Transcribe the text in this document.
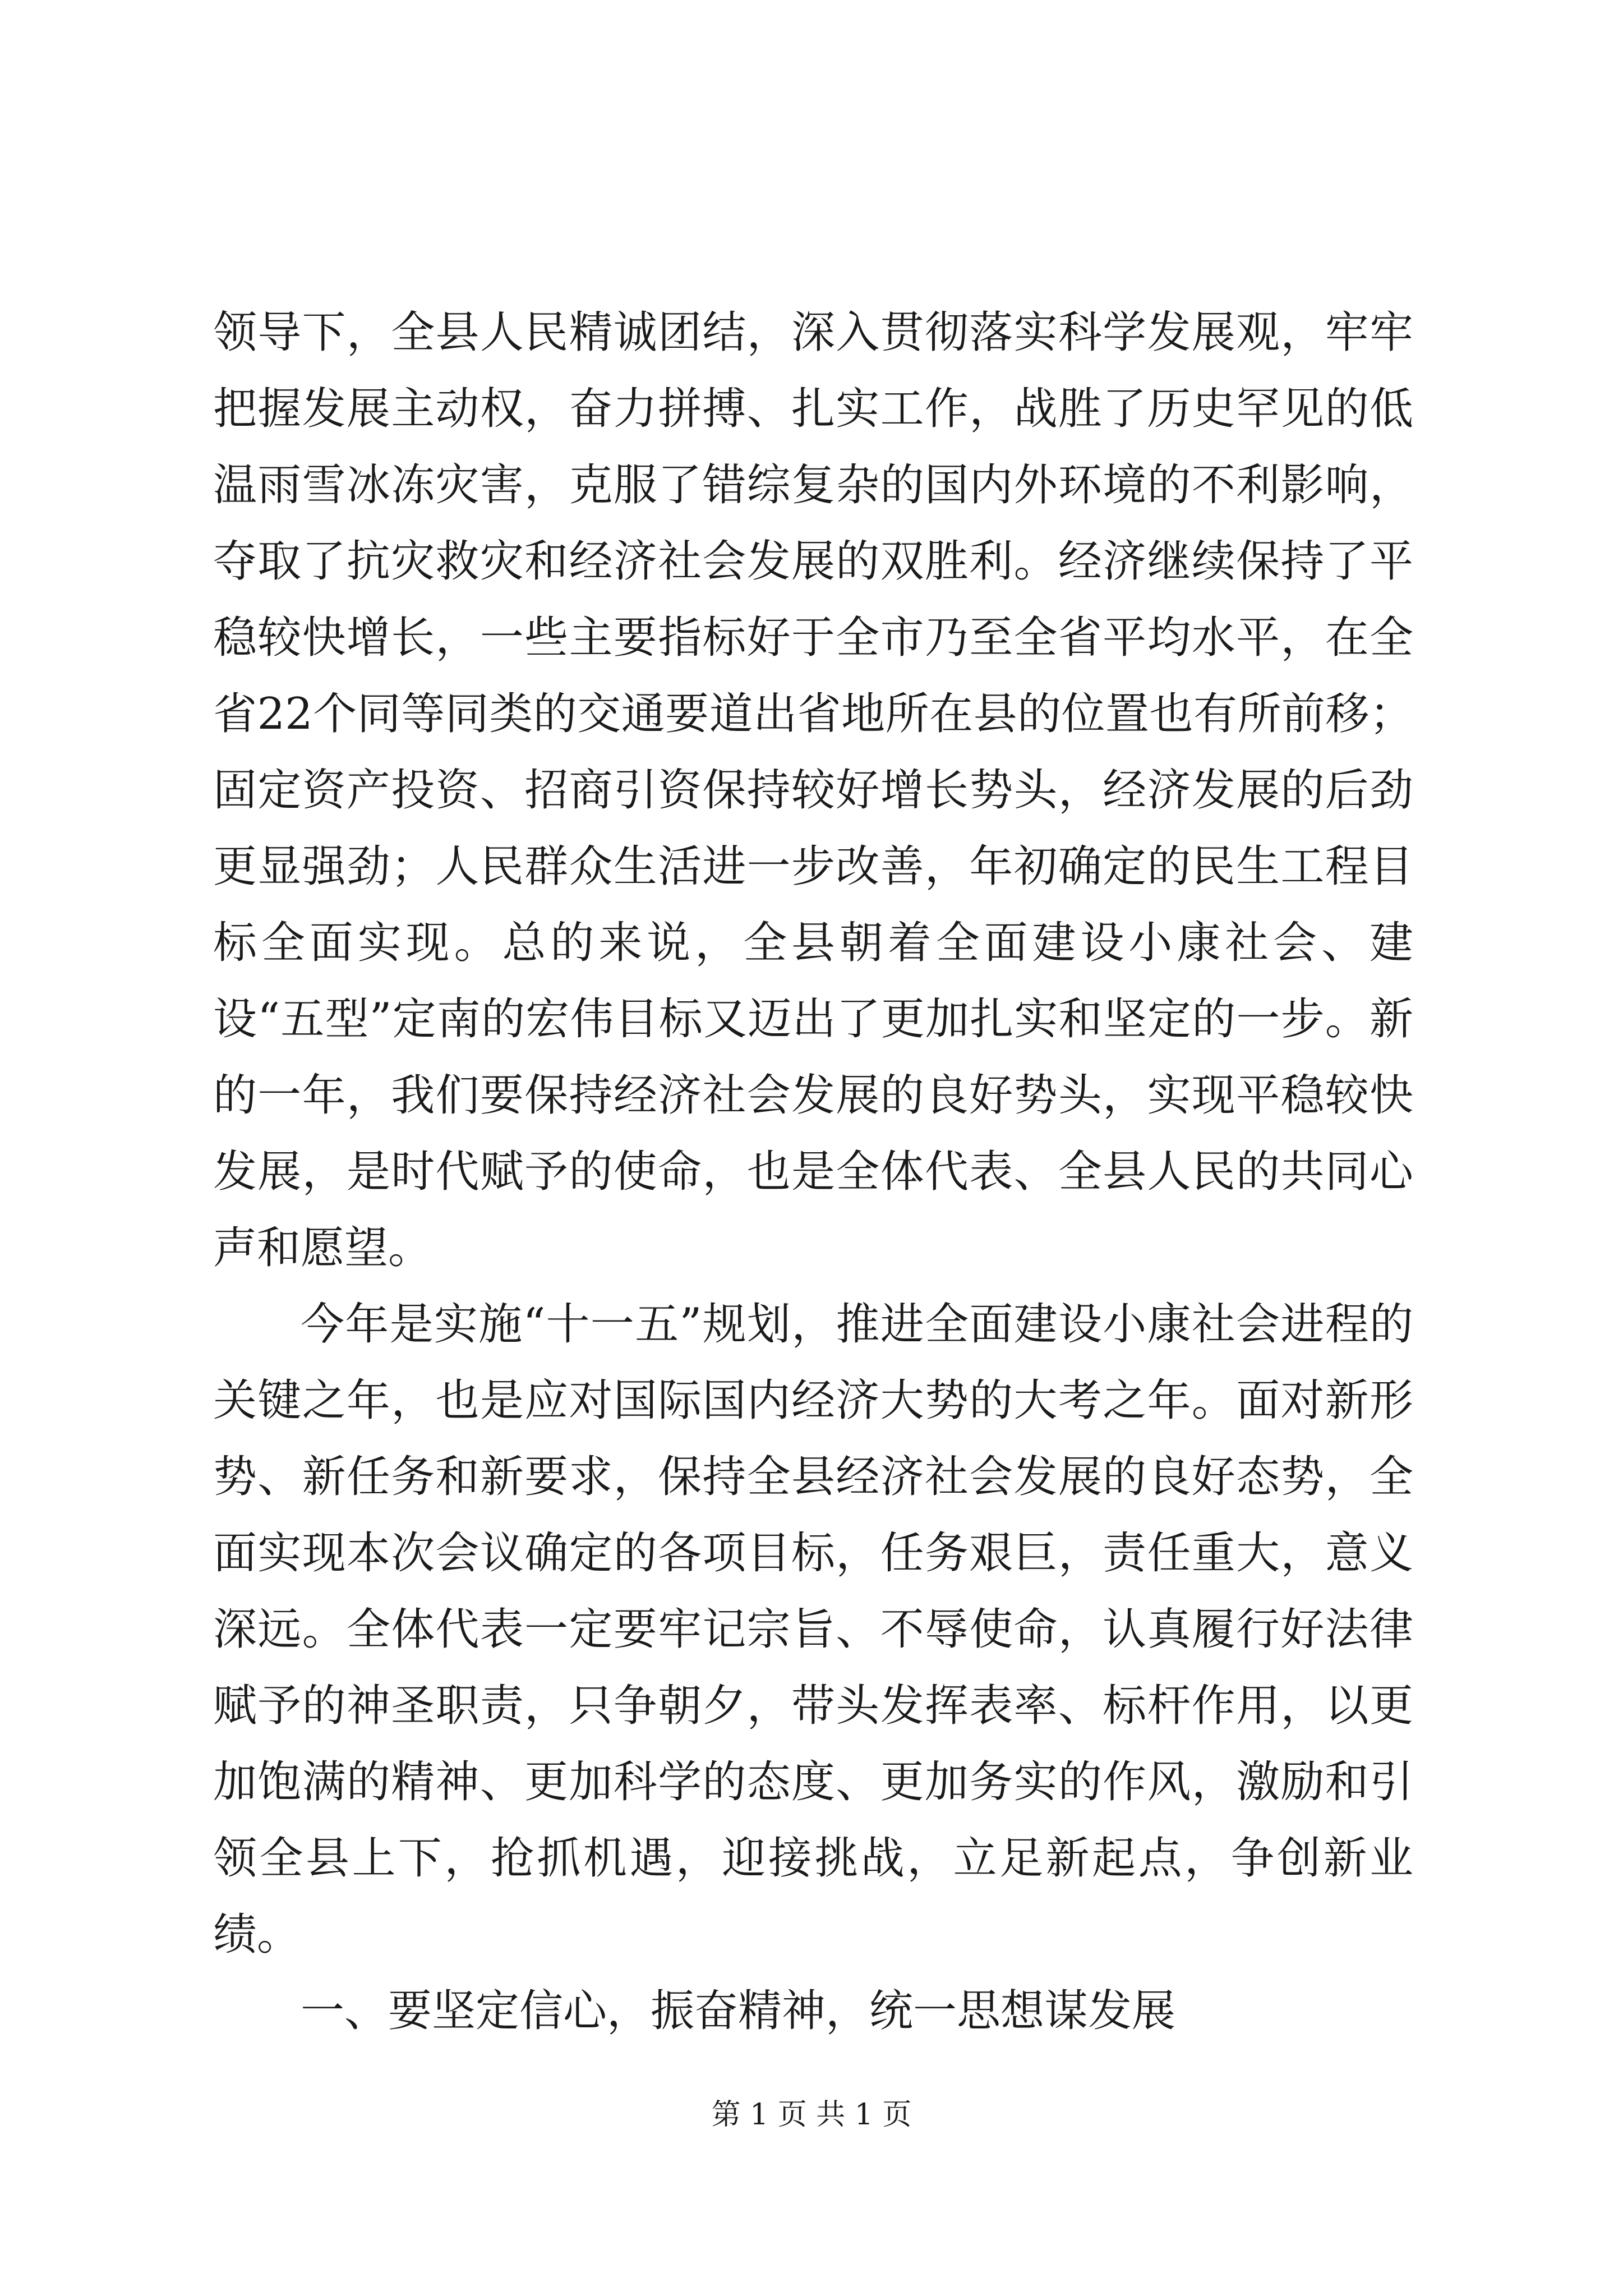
领导下，全县人民精诚团结，深入贯彻落实科学发展观，牢牢把握发展主动权，奋力拼搏、扎实工作，战胜了历史罕见的低温雨雪冰冻灾害，克服了错综复杂的国内外环境的不利影响，夺取了抗灾救灾和经济社会发展的双胜利。经济继续保持了平稳较快增长，一些主要指标好于全市乃至全省平均水平，在全省22个同等同类的交通要道出省地所在县的位置也有所前移；固定资产投资、招商引资保持较好增长势头，经济发展的后劲更显强劲；人民群众生活进一步改善，年初确定的民生工程目标全面实现。总的来说，全县朝着全面建设小康社会、建设“五型”定南的宏伟目标又迈出了更加扎实和坚定的一步。新的一年，我们要保持经济社会发展的良好势头，实现平稳较快发展，是时代赋予的使命，也是全体代表、全县人民的共同心声和愿望。

今年是实施“十一五”规划，推进全面建设小康社会进程的关键之年，也是应对国际国内经济大势的大考之年。面对新形势、新任务和新要求，保持全县经济社会发展的良好态势，全面实现本次会议确定的各项目标，任务艰巨，责任重大，意义深远。全体代表一定要牢记宗旨、不辱使命，认真履行好法律赋予的神圣职责，只争朝夕，带头发挥表率、标杆作用，以更加饱满的精神、更加科学的态度、更加务实的作风，激励和引领全县上下，抢抓机遇，迎接挑战，立足新起点，争创新业绩。

一、要坚定信心，振奋精神，统一思想谋发展

第 1 页 共 1 页
